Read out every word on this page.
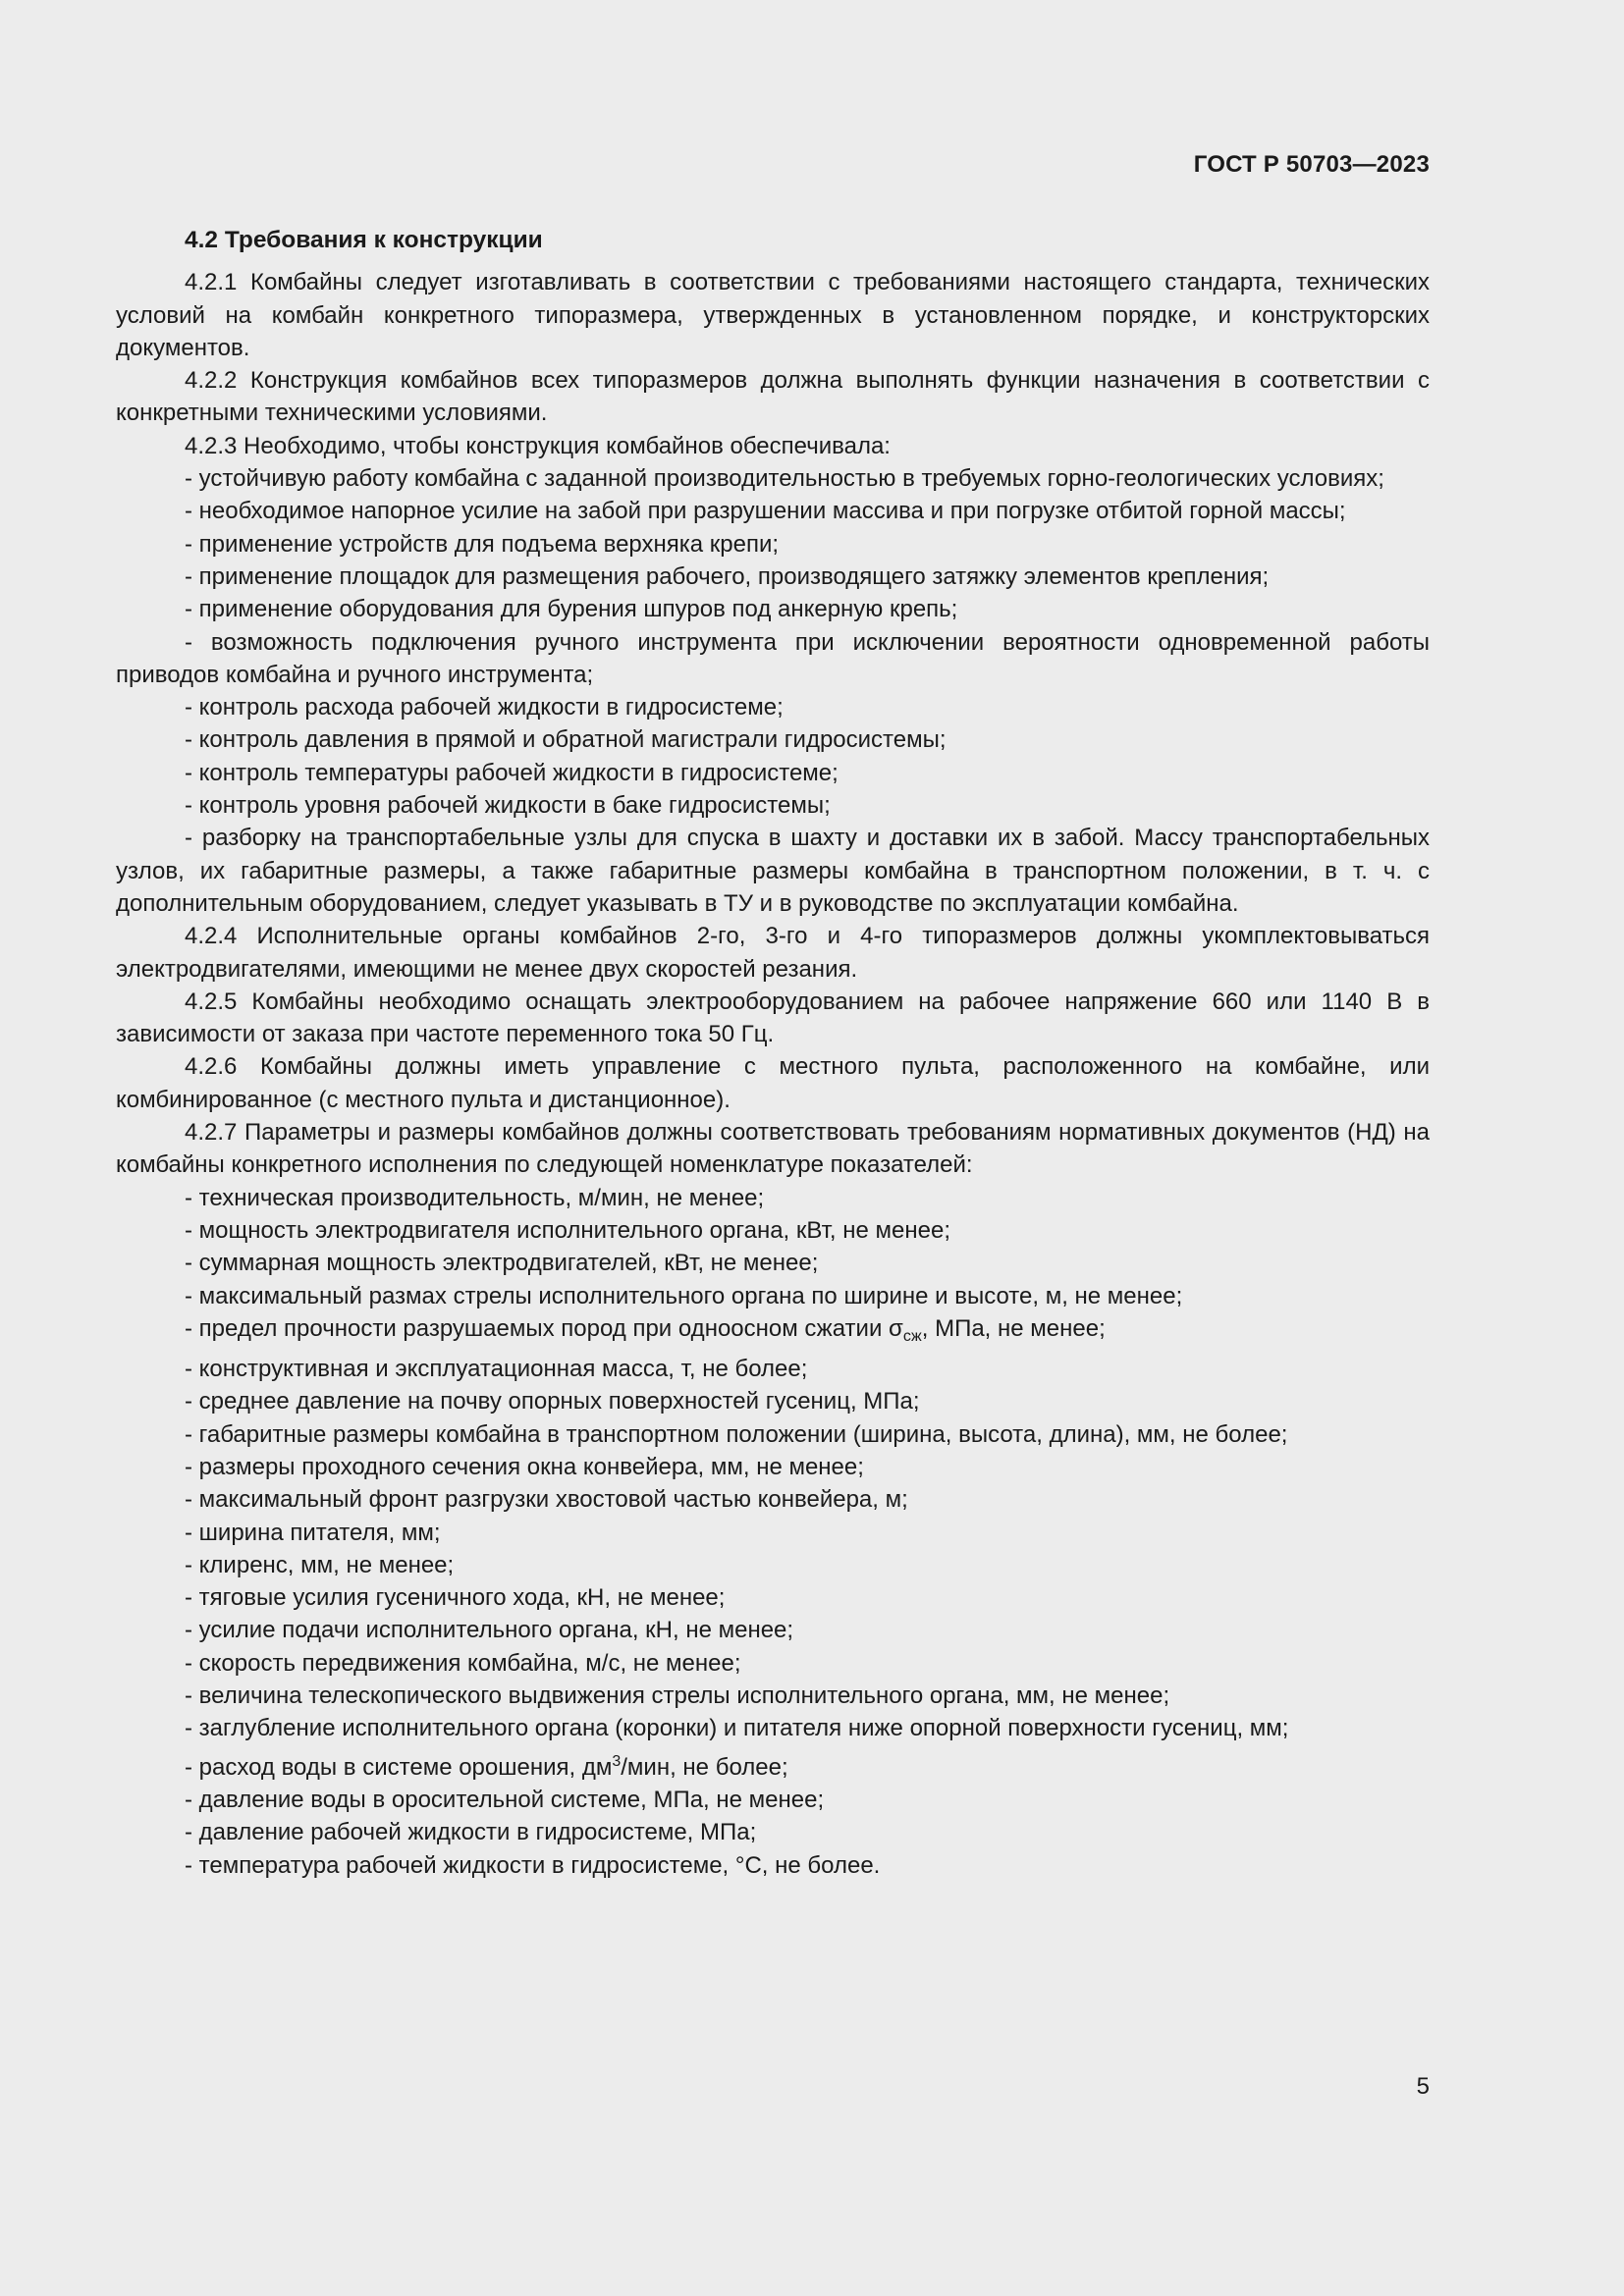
ГОСТ Р 50703—2023

4.2 Требования к конструкции

4.2.1 Комбайны следует изготавливать в соответствии с требованиями настоящего стандарта, технических условий на комбайн конкретного типоразмера, утвержденных в установленном порядке, и конструкторских документов.

4.2.2 Конструкция комбайнов всех типоразмеров должна выполнять функции назначения в соответствии с конкретными техническими условиями.

4.2.3 Необходимо, чтобы конструкция комбайнов обеспечивала:

- устойчивую работу комбайна с заданной производительностью в требуемых горно-геологических условиях;

- необходимое напорное усилие на забой при разрушении массива и при погрузке отбитой горной массы;

- применение устройств для подъема верхняка крепи;

- применение площадок для размещения рабочего, производящего затяжку элементов крепления;

- применение оборудования для бурения шпуров под анкерную крепь;

- возможность подключения ручного инструмента при исключении вероятности одновременной работы приводов комбайна и ручного инструмента;

- контроль расхода рабочей жидкости в гидросистеме;

- контроль давления в прямой и обратной магистрали гидросистемы;

- контроль температуры рабочей жидкости в гидросистеме;

- контроль уровня рабочей жидкости в баке гидросистемы;

- разборку на транспортабельные узлы для спуска в шахту и доставки их в забой. Массу транспортабельных узлов, их габаритные размеры, а также габаритные размеры комбайна в транспортном положении, в т. ч. с дополнительным оборудованием, следует указывать в ТУ и в руководстве по эксплуатации комбайна.

4.2.4 Исполнительные органы комбайнов 2-го, 3-го и 4-го типоразмеров должны укомплектовываться электродвигателями, имеющими не менее двух скоростей резания.

4.2.5 Комбайны необходимо оснащать электрооборудованием на рабочее напряжение 660 или 1140 В в зависимости от заказа при частоте переменного тока 50 Гц.

4.2.6 Комбайны должны иметь управление с местного пульта, расположенного на комбайне, или комбинированное (с местного пульта и дистанционное).

4.2.7 Параметры и размеры комбайнов должны соответствовать требованиям нормативных документов (НД) на комбайны конкретного исполнения по следующей номенклатуре показателей:

- техническая производительность, м/мин, не менее;

- мощность электродвигателя исполнительного органа, кВт, не менее;

- суммарная мощность электродвигателей, кВт, не менее;

- максимальный размах стрелы исполнительного органа по ширине и высоте, м, не менее;

- предел прочности разрушаемых пород при одноосном сжатии $\sigma_{сж}$, МПа, не менее;

- конструктивная и эксплуатационная масса, т, не более;

- среднее давление на почву опорных поверхностей гусениц, МПа;

- габаритные размеры комбайна в транспортном положении (ширина, высота, длина), мм, не более;

- размеры проходного сечения окна конвейера, мм, не менее;

- максимальный фронт разгрузки хвостовой частью конвейера, м;

- ширина питателя, мм;

- клиренс, мм, не менее;

- тяговые усилия гусеничного хода, кН, не менее;

- усилие подачи исполнительного органа, кН, не менее;

- скорость передвижения комбайна, м/с, не менее;

- величина телескопического выдвижения стрелы исполнительного органа, мм, не менее;

- заглубление исполнительного органа (коронки) и питателя ниже опорной поверхности гусениц, мм;

- расход воды в системе орошения, $дм^3$/мин, не более;

- давление воды в оросительной системе, МПа, не менее;

- давление рабочей жидкости в гидросистеме, МПа;

- температура рабочей жидкости в гидросистеме, °С, не более.

5
